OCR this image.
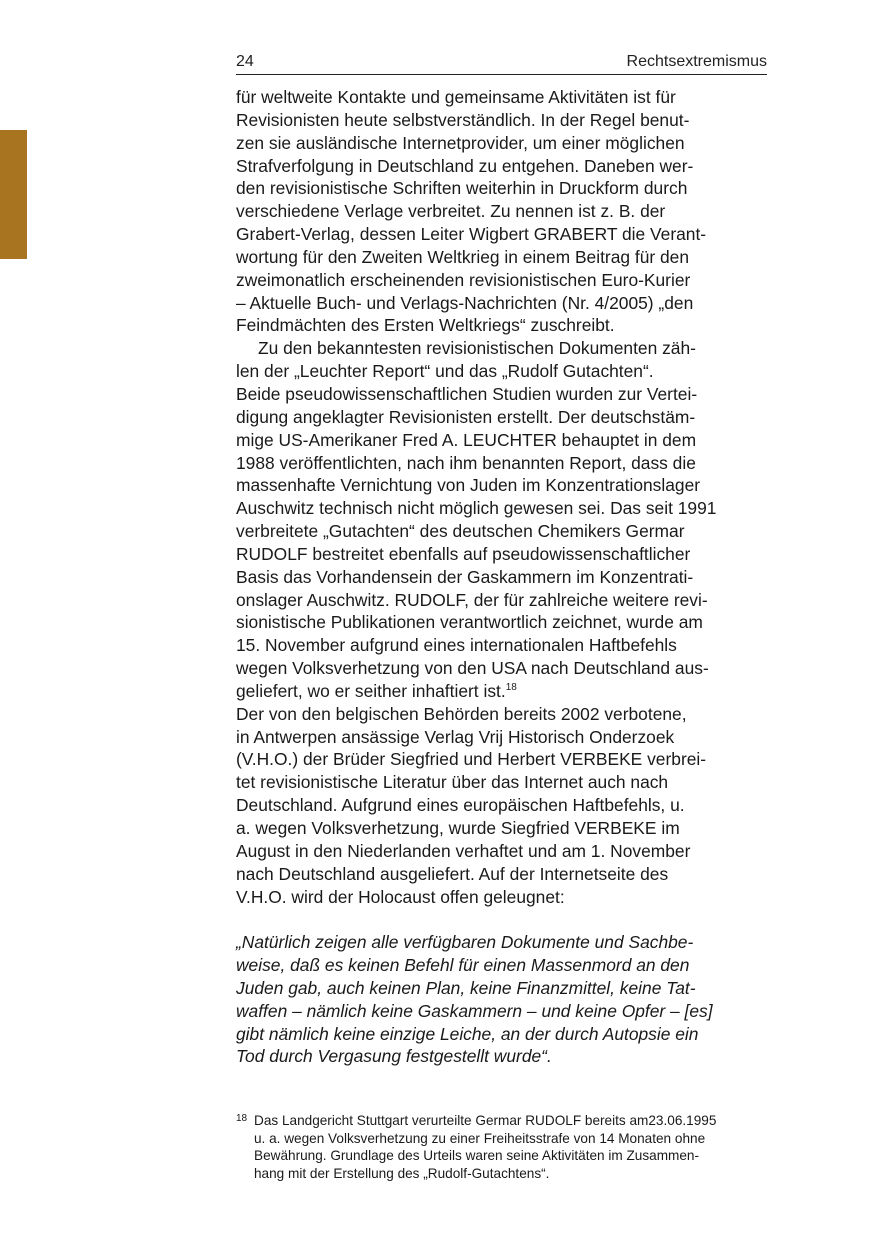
24	Rechtsextremismus
für weltweite Kontakte und gemeinsame Aktivitäten ist für
Revisionisten heute selbstverständlich. In der Regel benut-
zen sie ausländische Internetprovider, um einer möglichen
Strafverfolgung in Deutschland zu entgehen. Daneben wer-
den revisionistische Schriften weiterhin in Druckform durch
verschiedene Verlage verbreitet. Zu nennen ist z. B. der
Grabert-Verlag, dessen Leiter Wigbert GRABERT die Verant-
wortung für den Zweiten Weltkrieg in einem Beitrag für den
zweimonatlich erscheinenden revisionistischen Euro-Kurier
– Aktuelle Buch- und Verlags-Nachrichten (Nr. 4/2005) „den
Feindmächten des Ersten Weltkriegs“ zuschreibt.
Zu den bekanntesten revisionistischen Dokumenten zäh-
len der „Leuchter Report“ und das „Rudolf Gutachten“.
Beide pseudowissenschaftlichen Studien wurden zur Vertei-
digung angeklagter Revisionisten erstellt. Der deutschstäm-
mige US-Amerikaner Fred A. LEUCHTER behauptet in dem
1988 veröffentlichten, nach ihm benannten Report, dass die
massenhafte Vernichtung von Juden im Konzentrationslager
Auschwitz technisch nicht möglich gewesen sei. Das seit 1991
verbreitete „Gutachten“ des deutschen Chemikers Germar
RUDOLF bestreitet ebenfalls auf pseudowissenschaftlicher
Basis das Vorhandensein der Gaskammern im Konzentrati-
onslager Auschwitz. RUDOLF, der für zahlreiche weitere revi-
sionistische Publikationen verantwortlich zeichnet, wurde am
15. November aufgrund eines internationalen Haftbefehls
wegen Volksverhetzung von den USA nach Deutschland aus-
geliefert, wo er seither inhaftiert ist.$^{18}$
Der von den belgischen Behörden bereits 2002 verbotene,
in Antwerpen ansässige Verlag Vrij Historisch Onderzoek
(V.H.O.) der Brüder Siegfried und Herbert VERBEKE verbrei-
tet revisionistische Literatur über das Internet auch nach
Deutschland. Aufgrund eines europäischen Haftbefehls, u.
a. wegen Volksverhetzung, wurde Siegfried VERBEKE im
August in den Niederlanden verhaftet und am 1. November
nach Deutschland ausgeliefert. Auf der Internetseite des
V.H.O. wird der Holocaust offen geleugnet:
„Natürlich zeigen alle verfügbaren Dokumente und Sachbe-
weise, daß es keinen Befehl für einen Massenmord an den
Juden gab, auch keinen Plan, keine Finanzmittel, keine Tat-
waffen – nämlich keine Gaskammern – und keine Opfer – [es]
gibt nämlich keine einzige Leiche, an der durch Autopsie ein
Tod durch Vergasung festgestellt wurde“.
18 Das Landgericht Stuttgart verurteilte Germar RUDOLF bereits am23.06.1995
u. a. wegen Volksverhetzung zu einer Freiheitsstrafe von 14 Monaten ohne
Bewährung. Grundlage des Urteils waren seine Aktivitäten im Zusammen-
hang mit der Erstellung des „Rudolf-Gutachtens“.
